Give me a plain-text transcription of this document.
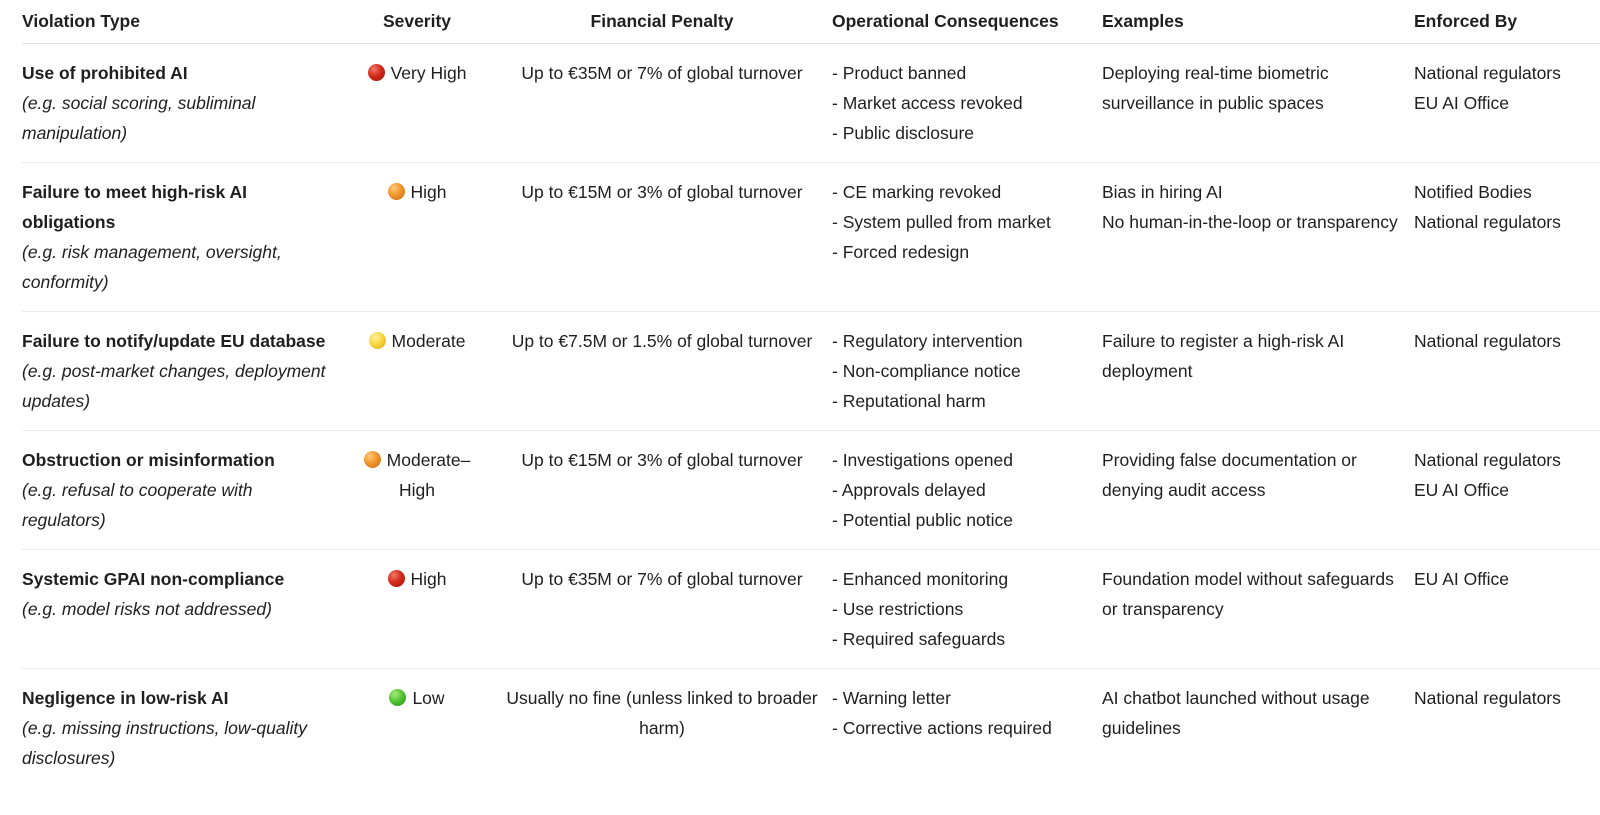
Violation Type	Severity	Financial Penalty	Operational Consequences	Examples	Enforced By

Use of prohibited AI
(e.g. social scoring, subliminal manipulation)	Very High	Up to €35M or 7% of global turnover	- Product banned
- Market access revoked
- Public disclosure	Deploying real-time biometric surveillance in public spaces	National regulators
EU AI Office

Failure to meet high-risk AI obligations
(e.g. risk management, oversight, conformity)	High	Up to €15M or 3% of global turnover	- CE marking revoked
- System pulled from market
- Forced redesign	Bias in hiring AI
No human-in-the-loop or transparency	Notified Bodies
National regulators

Failure to notify/update EU database
(e.g. post-market changes, deployment updates)	Moderate	Up to €7.5M or 1.5% of global turnover	- Regulatory intervention
- Non-compliance notice
- Reputational harm	Failure to register a high-risk AI deployment	National regulators

Obstruction or misinformation
(e.g. refusal to cooperate with regulators)	Moderate–High	Up to €15M or 3% of global turnover	- Investigations opened
- Approvals delayed
- Potential public notice	Providing false documentation or denying audit access	National regulators
EU AI Office

Systemic GPAI non-compliance
(e.g. model risks not addressed)	High	Up to €35M or 7% of global turnover	- Enhanced monitoring
- Use restrictions
- Required safeguards	Foundation model without safeguards or transparency	EU AI Office

Negligence in low-risk AI
(e.g. missing instructions, low-quality disclosures)	Low	Usually no fine (unless linked to broader harm)	- Warning letter
- Corrective actions required	AI chatbot launched without usage guidelines	National regulators
